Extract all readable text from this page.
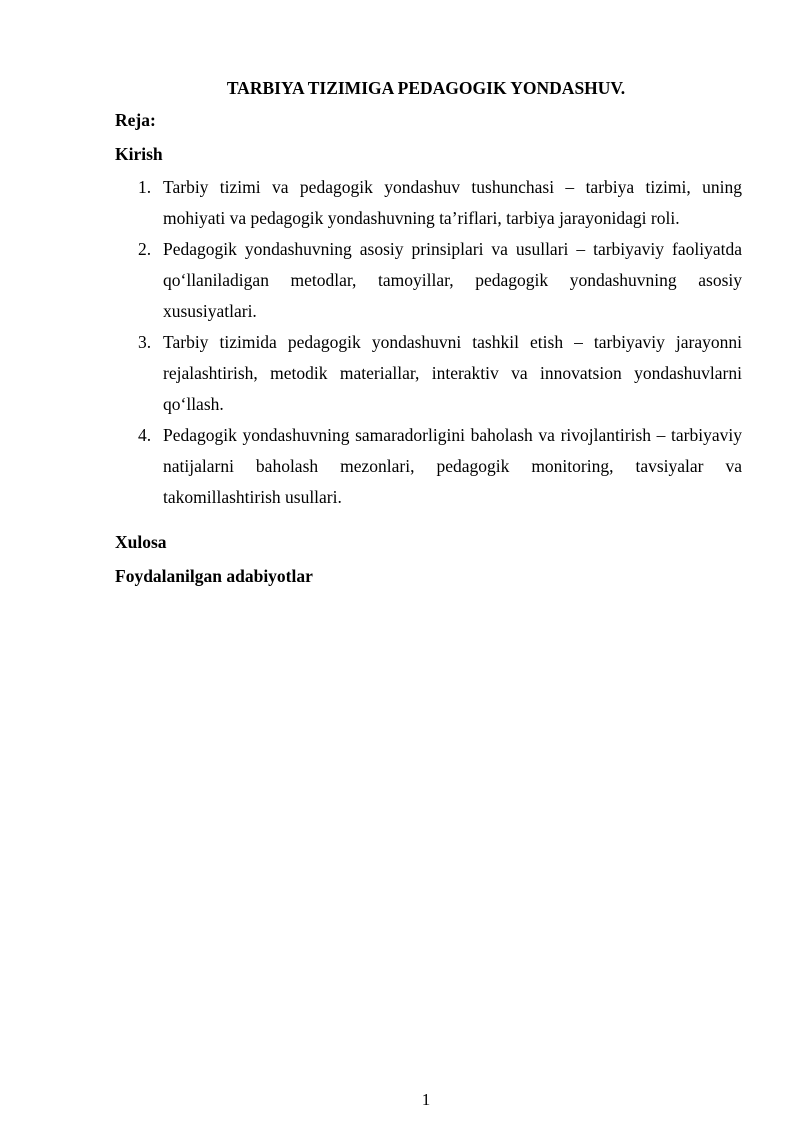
TARBIYA TIZIMIGA PEDAGOGIK YONDASHUV.

Reja:

Kirish

1. Tarbiy tizimi va pedagogik yondashuv tushunchasi – tarbiya tizimi, uning mohiyati va pedagogik yondashuvning ta’riflari, tarbiya jarayonidagi roli.
2. Pedagogik yondashuvning asosiy prinsiplari va usullari – tarbiyaviy faoliyatda qo‘llaniladigan metodlar, tamoyillar, pedagogik yondashuvning asosiy xususiyatlari.
3. Tarbiy tizimida pedagogik yondashuvni tashkil etish – tarbiyaviy jarayonni rejalashtirish, metodik materiallar, interaktiv va innovatsion yondashuvlarni qo‘llash.
4. Pedagogik yondashuvning samaradorligini baholash va rivojlantirish – tarbiyaviy natijalarni baholash mezonlari, pedagogik monitoring, tavsiyalar va takomillashtirish usullari.

Xulosa

Foydalanilgan adabiyotlar

1
